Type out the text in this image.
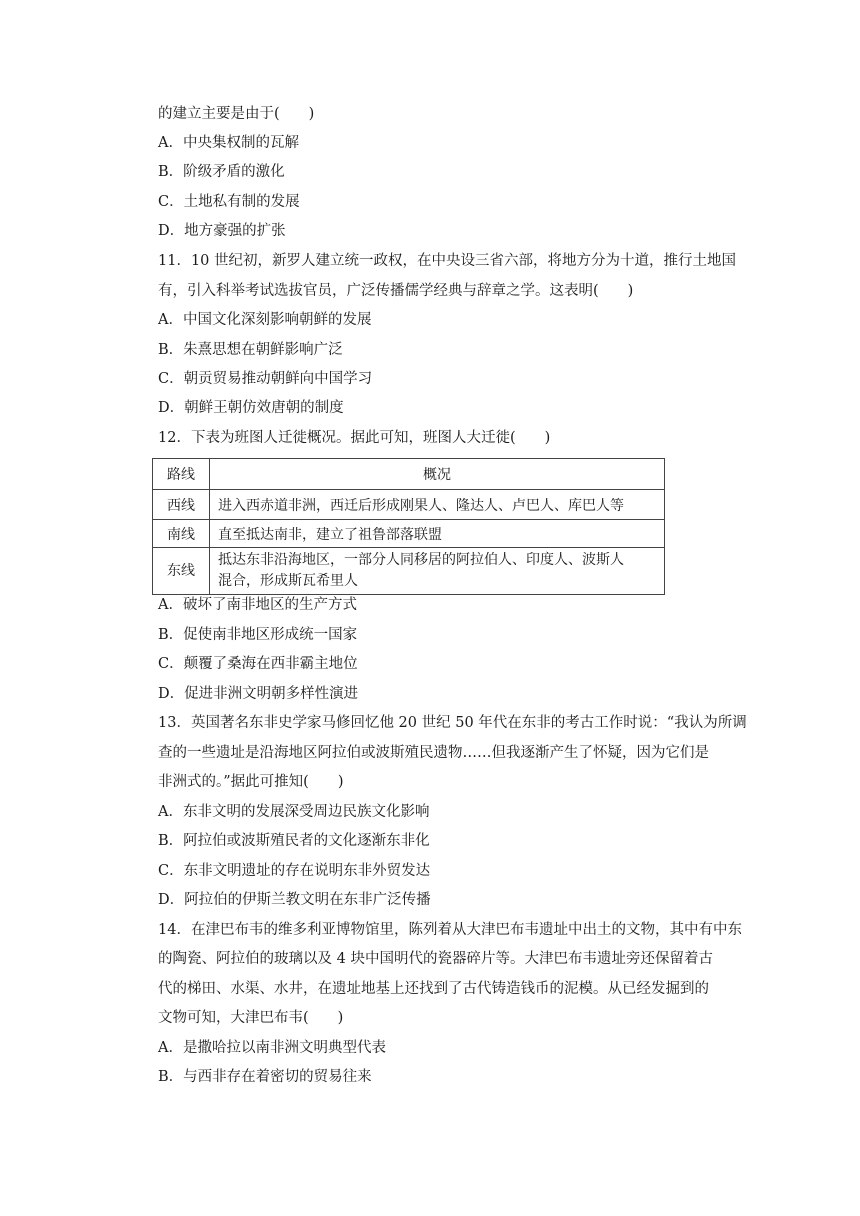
的建立主要是由于(　　)
A．中央集权制的瓦解
B．阶级矛盾的激化
C．土地私有制的发展
D．地方豪强的扩张
11．10 世纪初，新罗人建立统一政权，在中央设三省六部，将地方分为十道，推行土地国
有，引入科举考试选拔官员，广泛传播儒学经典与辞章之学。这表明(　　)
A．中国文化深刻影响朝鲜的发展
B．朱熹思想在朝鲜影响广泛
C．朝贡贸易推动朝鲜向中国学习
D．朝鲜王朝仿效唐朝的制度
12．下表为班图人迁徙概况。据此可知，班图人大迁徙(　　)
路线	概况
西线	进入西赤道非洲，西迁后形成刚果人、隆达人、卢巴人、库巴人等
南线	直至抵达南非，建立了祖鲁部落联盟
东线	抵达东非沿海地区，一部分人同移居的阿拉伯人、印度人、波斯人
混合，形成斯瓦希里人
A．破坏了南非地区的生产方式
B．促使南非地区形成统一国家
C．颠覆了桑海在西非霸主地位
D．促进非洲文明朝多样性演进
13．英国著名东非史学家马修回忆他 20 世纪 50 年代在东非的考古工作时说：“我认为所调
查的一些遗址是沿海地区阿拉伯或波斯殖民遗物……但我逐渐产生了怀疑，因为它们是
非洲式的。”据此可推知(　　)
A．东非文明的发展深受周边民族文化影响
B．阿拉伯或波斯殖民者的文化逐渐东非化
C．东非文明遗址的存在说明东非外贸发达
D．阿拉伯的伊斯兰教文明在东非广泛传播
14．在津巴布韦的维多利亚博物馆里，陈列着从大津巴布韦遗址中出土的文物，其中有中东
的陶瓷、阿拉伯的玻璃以及 4 块中国明代的瓷器碎片等。大津巴布韦遗址旁还保留着古
代的梯田、水渠、水井，在遗址地基上还找到了古代铸造钱币的泥模。从已经发掘到的
文物可知，大津巴布韦(　　)
A．是撒哈拉以南非洲文明典型代表
B．与西非存在着密切的贸易往来
